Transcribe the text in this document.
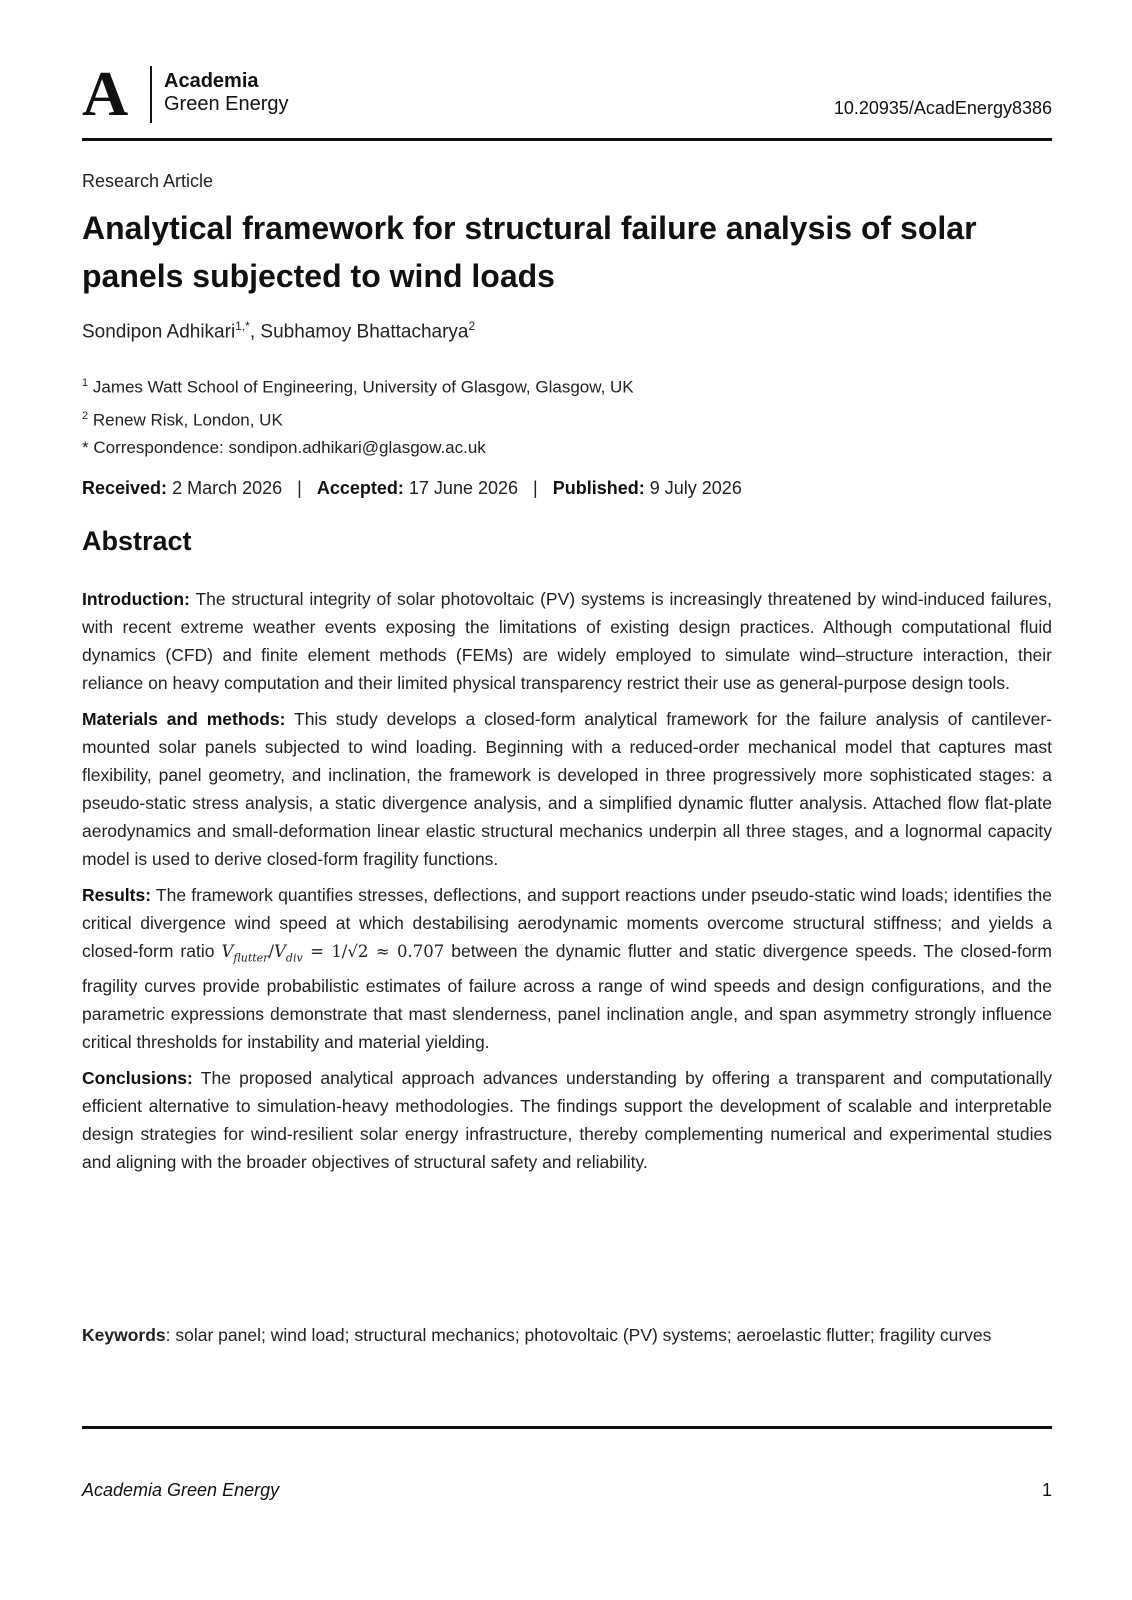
A	Academia
Green Energy	10.20935/AcadEnergy8386
Research Article
Analytical framework for structural failure analysis of solar panels subjected to wind loads
Sondipon Adhikari$^{1,*}$, Subhamoy Bhattacharya$^2$
$^1$ James Watt School of Engineering, University of Glasgow, Glasgow, UK
$^2$ Renew Risk, London, UK
* Correspondence: sondipon.adhikari@glasgow.ac.uk
Received: 2 March 2026 | Accepted: 17 June 2026 | Published: 9 July 2026
Abstract

Introduction: The structural integrity of solar photovoltaic (PV) systems is increasingly threatened by wind-induced failures, with recent extreme weather events exposing the limitations of existing design practices. Although computational fluid dynamics (CFD) and finite element methods (FEMs) are widely employed to simulate wind–structure interaction, their reliance on heavy computation and their limited physical transparency restrict their use as general-purpose design tools.

Materials and methods: This study develops a closed-form analytical framework for the failure analysis of cantilever-mounted solar panels subjected to wind loading. Beginning with a reduced-order mechanical model that captures mast flexibility, panel geometry, and inclination, the framework is developed in three progressively more sophisticated stages: a pseudo-static stress analysis, a static divergence analysis, and a simplified dynamic flutter analysis. Attached flow flat-plate aerodynamics and small-deformation linear elastic structural mechanics underpin all three stages, and a lognormal capacity model is used to derive closed-form fragility functions.

Results: The framework quantifies stresses, deflections, and support reactions under pseudo-static wind loads; identifies the critical divergence wind speed at which destabilising aerodynamic moments overcome structural stiffness; and yields a closed-form ratio $V_{flutter}/V_{div} = 1/√2 \approx 0.707$ between the dynamic flutter and static divergence speeds. The closed-form fragility curves provide probabilistic estimates of failure across a range of wind speeds and design configurations, and the parametric expressions demonstrate that mast slenderness, panel inclination angle, and span asymmetry strongly influence critical thresholds for instability and material yielding.

Conclusions: The proposed analytical approach advances understanding by offering a transparent and computationally efficient alternative to simulation-heavy methodologies. The findings support the development of scalable and interpretable design strategies for wind-resilient solar energy infrastructure, thereby complementing numerical and experimental studies and aligning with the broader objectives of structural safety and reliability.

Keywords: solar panel; wind load; structural mechanics; photovoltaic (PV) systems; aeroelastic flutter; fragility curves

Academia Green Energy	1
